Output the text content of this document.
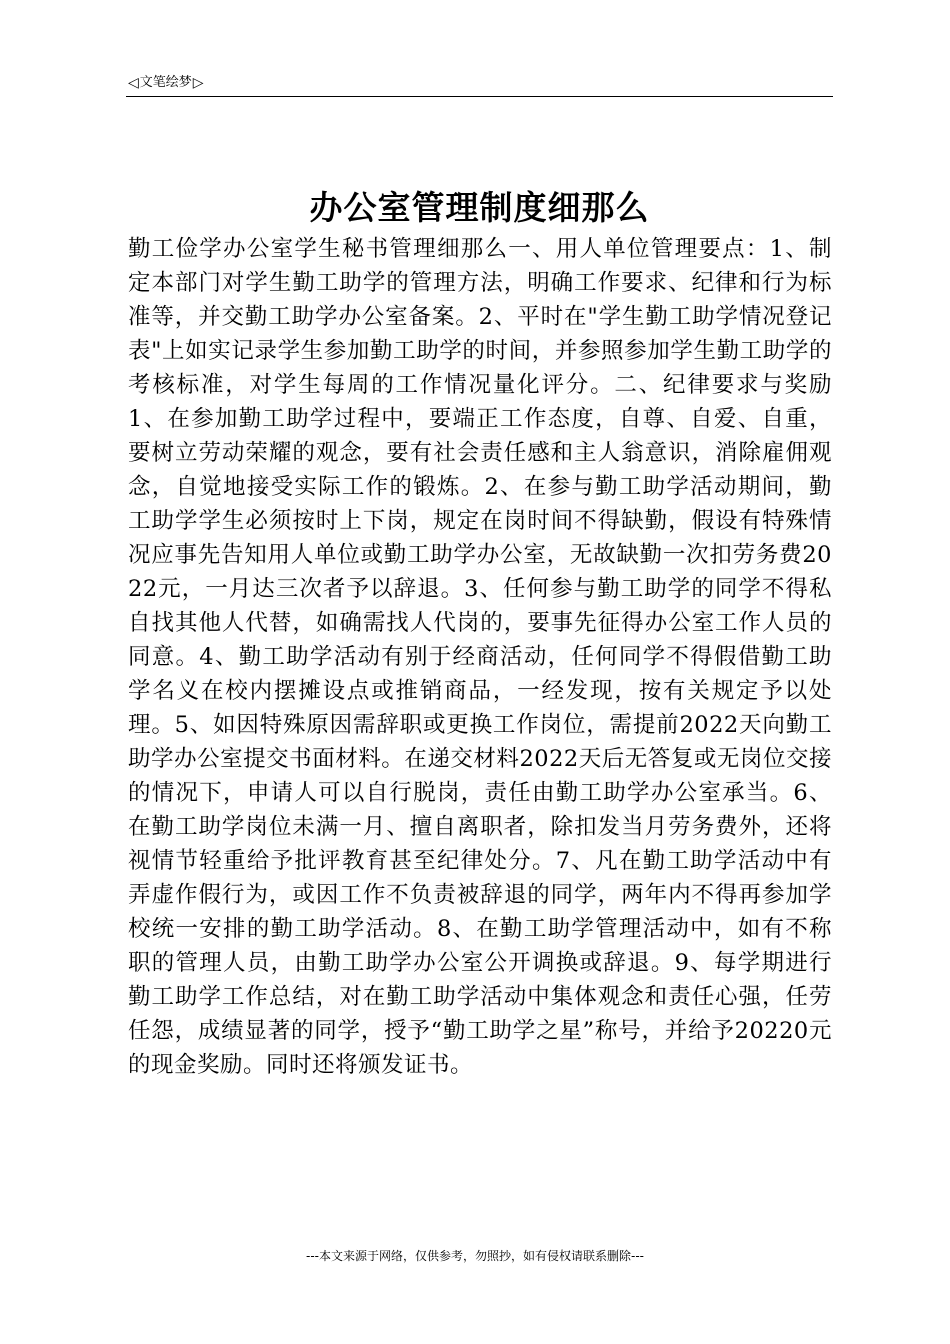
◁ 文笔绘梦 ▷
办公室管理制度细那么
勤工俭学办公室学生秘书管理细那么一、用人单位管理要点：1、制定本部门对学生勤工助学的管理方法，明确工作要求、纪律和行为标准等，并交勤工助学办公室备案。2、平时在"学生勤工助学情况登记表"上如实记录学生参加勤工助学的时间，并参照参加学生勤工助学的考核标准，对学生每周的工作情况量化评分。二、纪律要求与奖励1、在参加勤工助学过程中，要端正工作态度，自尊、自爱、自重，要树立劳动荣耀的观念，要有社会责任感和主人翁意识，消除雇佣观念，自觉地接受实际工作的锻炼。2、在参与勤工助学活动期间，勤工助学学生必须按时上下岗，规定在岗时间不得缺勤，假设有特殊情况应事先告知用人单位或勤工助学办公室，无故缺勤一次扣劳务费2022元，一月达三次者予以辞退。3、任何参与勤工助学的同学不得私自找其他人代替，如确需找人代岗的，要事先征得办公室工作人员的同意。4、勤工助学活动有别于经商活动，任何同学不得假借勤工助学名义在校内摆摊设点或推销商品，一经发现，按有关规定予以处理。5、如因特殊原因需辞职或更换工作岗位，需提前2022天向勤工助学办公室提交书面材料。在递交材料2022天后无答复或无岗位交接的情况下，申请人可以自行脱岗，责任由勤工助学办公室承当。6、在勤工助学岗位未满一月、擅自离职者，除扣发当月劳务费外，还将视情节轻重给予批评教育甚至纪律处分。7、凡在勤工助学活动中有弄虚作假行为，或因工作不负责被辞退的同学，两年内不得再参加学校统一安排的勤工助学活动。8、在勤工助学管理活动中，如有不称职的管理人员，由勤工助学办公室公开调换或辞退。9、每学期进行勤工助学工作总结，对在勤工助学活动中集体观念和责任心强，任劳任怨，成绩显著的同学，授予“勤工助学之星”称号，并给予20220元的现金奖励。同时还将颁发证书。
---本文来源于网络，仅供参考，勿照抄，如有侵权请联系删除---
